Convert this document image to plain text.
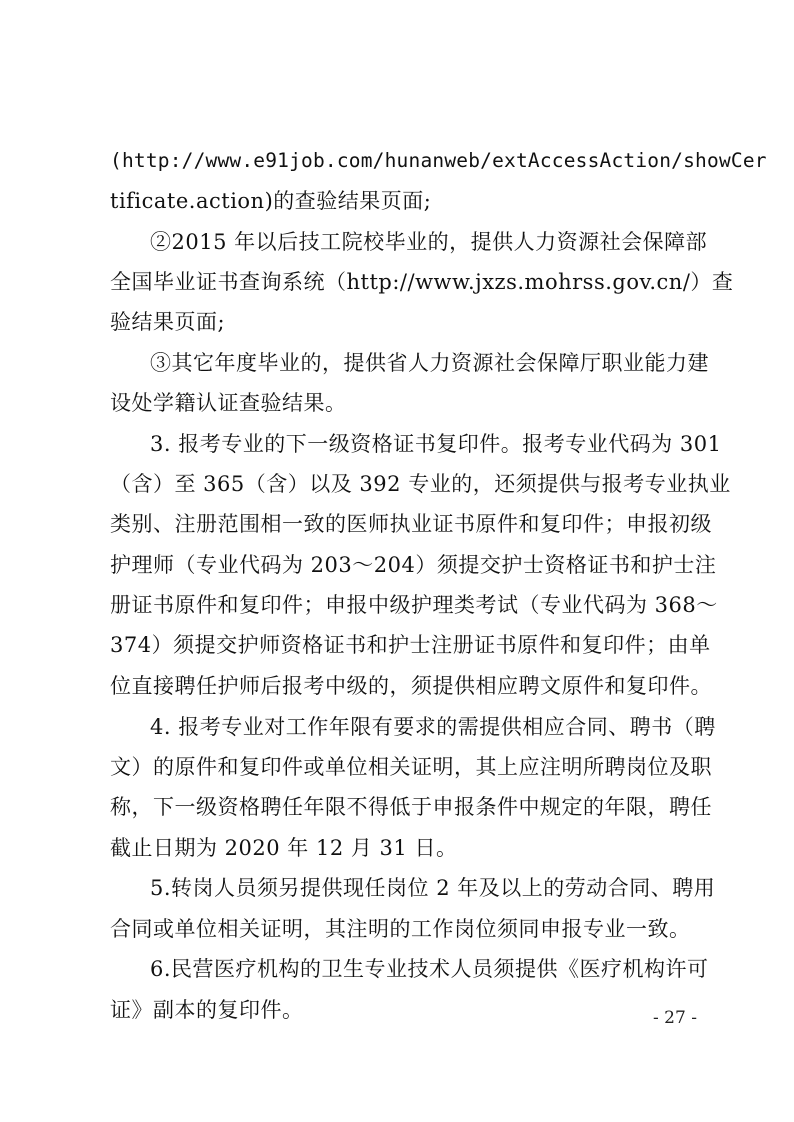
(http://www.e91job.com/hunanweb/extAccessAction/showCer
tificate.action)的查验结果页面;
②2015 年以后技工院校毕业的，提供人力资源社会保障部
全国毕业证书查询系统（http://www.jxzs.mohrss.gov.cn/）查
验结果页面;
③其它年度毕业的，提供省人力资源社会保障厅职业能力建
设处学籍认证查验结果。
3. 报考专业的下一级资格证书复印件。报考专业代码为 301
（含）至 365（含）以及 392 专业的，还须提供与报考专业执业
类别、注册范围相一致的医师执业证书原件和复印件；申报初级
护理师（专业代码为 203～204）须提交护士资格证书和护士注
册证书原件和复印件；申报中级护理类考试（专业代码为 368～
374）须提交护师资格证书和护士注册证书原件和复印件；由单
位直接聘任护师后报考中级的，须提供相应聘文原件和复印件。
4. 报考专业对工作年限有要求的需提供相应合同、聘书（聘
文）的原件和复印件或单位相关证明，其上应注明所聘岗位及职
称，下一级资格聘任年限不得低于申报条件中规定的年限，聘任
截止日期为 2020 年 12 月 31 日。
5.转岗人员须另提供现任岗位 2 年及以上的劳动合同、聘用
合同或单位相关证明，其注明的工作岗位须同申报专业一致。
6.民营医疗机构的卫生专业技术人员须提供《医疗机构许可
证》副本的复印件。	- 27 -
